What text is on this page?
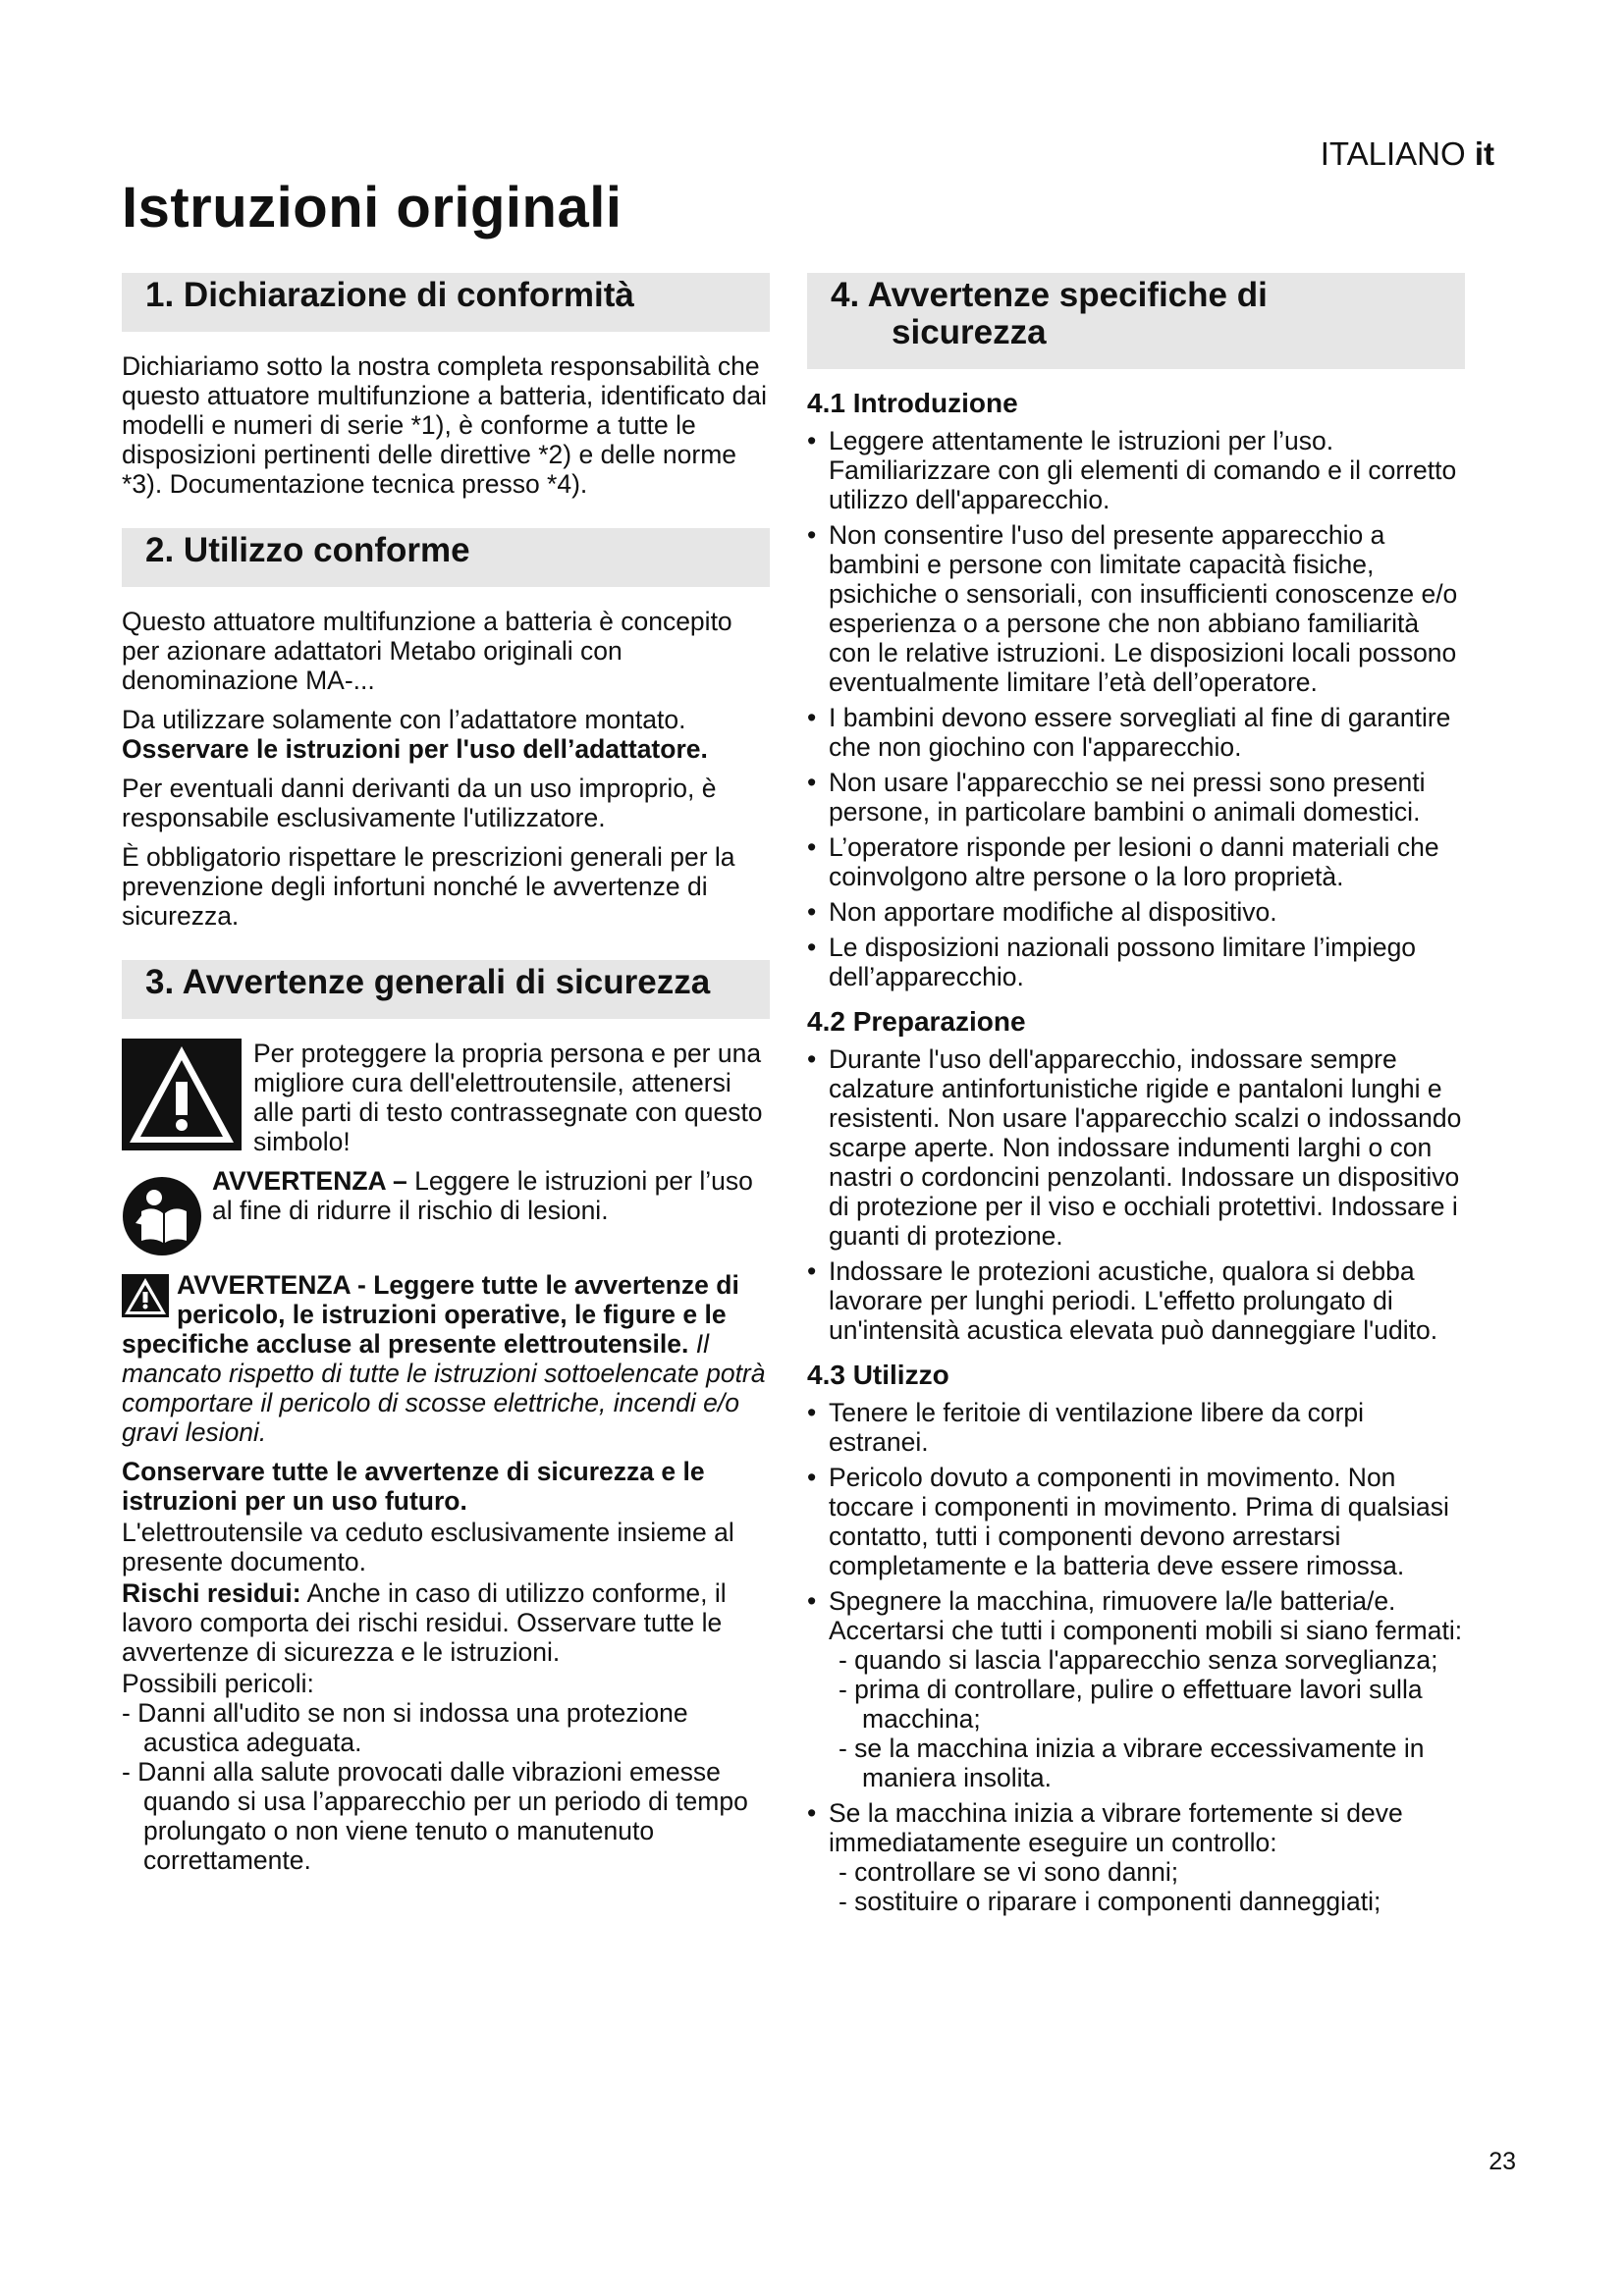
ITALIANO it
Istruzioni originali
1. Dichiarazione di conformità

Dichiariamo sotto la nostra completa responsabilità che questo attuatore multifunzione a batteria, identificato dai modelli e numeri di serie *1), è conforme a tutte le disposizioni pertinenti delle direttive *2) e delle norme *3). Documentazione tecnica presso *4).

2. Utilizzo conforme

Questo attuatore multifunzione a batteria è concepito per azionare adattatori Metabo originali con denominazione MA-...

Da utilizzare solamente con l’adattatore montato.
Osservare le istruzioni per l'uso dell’adattatore.

Per eventuali danni derivanti da un uso improprio, è responsabile esclusivamente l'utilizzatore.

È obbligatorio rispettare le prescrizioni generali per la prevenzione degli infortuni nonché le avvertenze di sicurezza.

3. Avvertenze generali di sicurezza
Per proteggere la propria persona e per una migliore cura dell'elettroutensile, attenersi alle parti di testo contrassegnate con questo simbolo!
AVVERTENZA – Leggere le istruzioni per l’uso al fine di ridurre il rischio di lesioni.

AVVERTENZA - Leggere tutte le avvertenze di pericolo, le istruzioni operative, le figure e le specifiche accluse al presente elettroutensile. Il mancato rispetto di tutte le istruzioni sottoelencate potrà comportare il pericolo di scosse elettriche, incendi e/o gravi lesioni.

Conservare tutte le avvertenze di sicurezza e le istruzioni per un uso futuro.

L'elettroutensile va ceduto esclusivamente insieme al presente documento.

Rischi residui: Anche in caso di utilizzo conforme, il lavoro comporta dei rischi residui. Osservare tutte le avvertenze di sicurezza e le istruzioni.

Possibili pericoli:

- Danni all'udito se non si indossa una protezione acustica adeguata.
- Danni alla salute provocati dalle vibrazioni emesse quando si usa l’apparecchio per un periodo di tempo prolungato o non viene tenuto o manutenuto correttamente.
4. Avvertenze specifiche di
sicurezza
4.1 Introduzione
• Leggere attentamente le istruzioni per l’uso. Familiarizzare con gli elementi di comando e il corretto utilizzo dell'apparecchio.
• Non consentire l'uso del presente apparecchio a bambini e persone con limitate capacità fisiche, psichiche o sensoriali, con insufficienti conoscenze e/o esperienza o a persone che non abbiano familiarità con le relative istruzioni. Le disposizioni locali possono eventualmente limitare l’età dell’operatore.
• I bambini devono essere sorvegliati al fine di garantire che non giochino con l'apparecchio.
• Non usare l'apparecchio se nei pressi sono presenti persone, in particolare bambini o animali domestici.
• L’operatore risponde per lesioni o danni materiali che coinvolgono altre persone o la loro proprietà.
• Non apportare modifiche al dispositivo.
• Le disposizioni nazionali possono limitare l’impiego dell’apparecchio.
4.2 Preparazione
• Durante l'uso dell'apparecchio, indossare sempre calzature antinfortunistiche rigide e pantaloni lunghi e resistenti. Non usare l'apparecchio scalzi o indossando scarpe aperte. Non indossare indumenti larghi o con nastri o cordoncini penzolanti. Indossare un dispositivo di protezione per il viso e occhiali protettivi. Indossare i guanti di protezione.
• Indossare le protezioni acustiche, qualora si debba lavorare per lunghi periodi. L'effetto prolungato di un'intensità acustica elevata può danneggiare l'udito.
4.3 Utilizzo
• Tenere le feritoie di ventilazione libere da corpi estranei.
• Pericolo dovuto a componenti in movimento. Non toccare i componenti in movimento. Prima di qualsiasi contatto, tutti i componenti devono arrestarsi completamente e la batteria deve essere rimossa.
• Spegnere la macchina, rimuovere la/le batteria/e. Accertarsi che tutti i componenti mobili si siano fermati:
- quando si lascia l'apparecchio senza sorveglianza;
- prima di controllare, pulire o effettuare lavori sulla macchina;
- se la macchina inizia a vibrare eccessivamente in maniera insolita.
• Se la macchina inizia a vibrare fortemente si deve immediatamente eseguire un controllo:
- controllare se vi sono danni;
- sostituire o riparare i componenti danneggiati;
23
